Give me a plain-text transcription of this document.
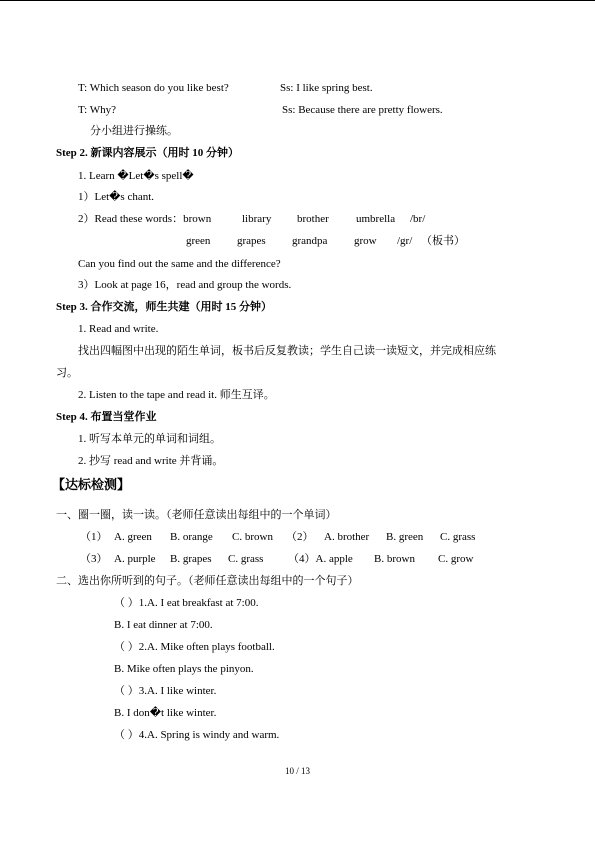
T: Which season do you like best?	Ss: I like spring best.
T: Why?	Ss: Because there are pretty flowers.
分小组进行操练。
Step 2. 新课内容展示（用时 10 分钟）
1. Learn �Let�s spell�
1）Let�s chant.
2）Read these words：brown	library brother umbrella /br/
green grapes grandpa grow /gr/ （板书）
Can you find out the same and the difference?
3）Look at page 16，read and group the words.
Step 3. 合作交流，师生共建（用时 15 分钟）
1. Read and write.
找出四幅图中出现的陌生单词，板书后反复教读；学生自己读一读短文，并完成相应练
习。
2. Listen to the tape and read it. 师生互译。
Step 4. 布置当堂作业
1. 听写本单元的单词和词组。
2. 抄写 read and write 并背诵。
【达标检测】
一、圈一圈，读一读。（老师任意读出每组中的一个单词）
（1） A. green B. orange C. brown （2） A. brother B. green C. grass
（3） A. purple B. grapes C. grass （4）A. apple B. brown C. grow
二、选出你所听到的句子。（老师任意读出每组中的一个句子）
（ ）1.A. I eat breakfast at 7:00.
B. I eat dinner at 7:00.
（ ）2.A. Mike often plays football.
B. Mike often plays the pinyon.
（ ）3.A. I like winter.
B. I don�t like winter.
（ ）4.A. Spring is windy and warm.
10 / 13
